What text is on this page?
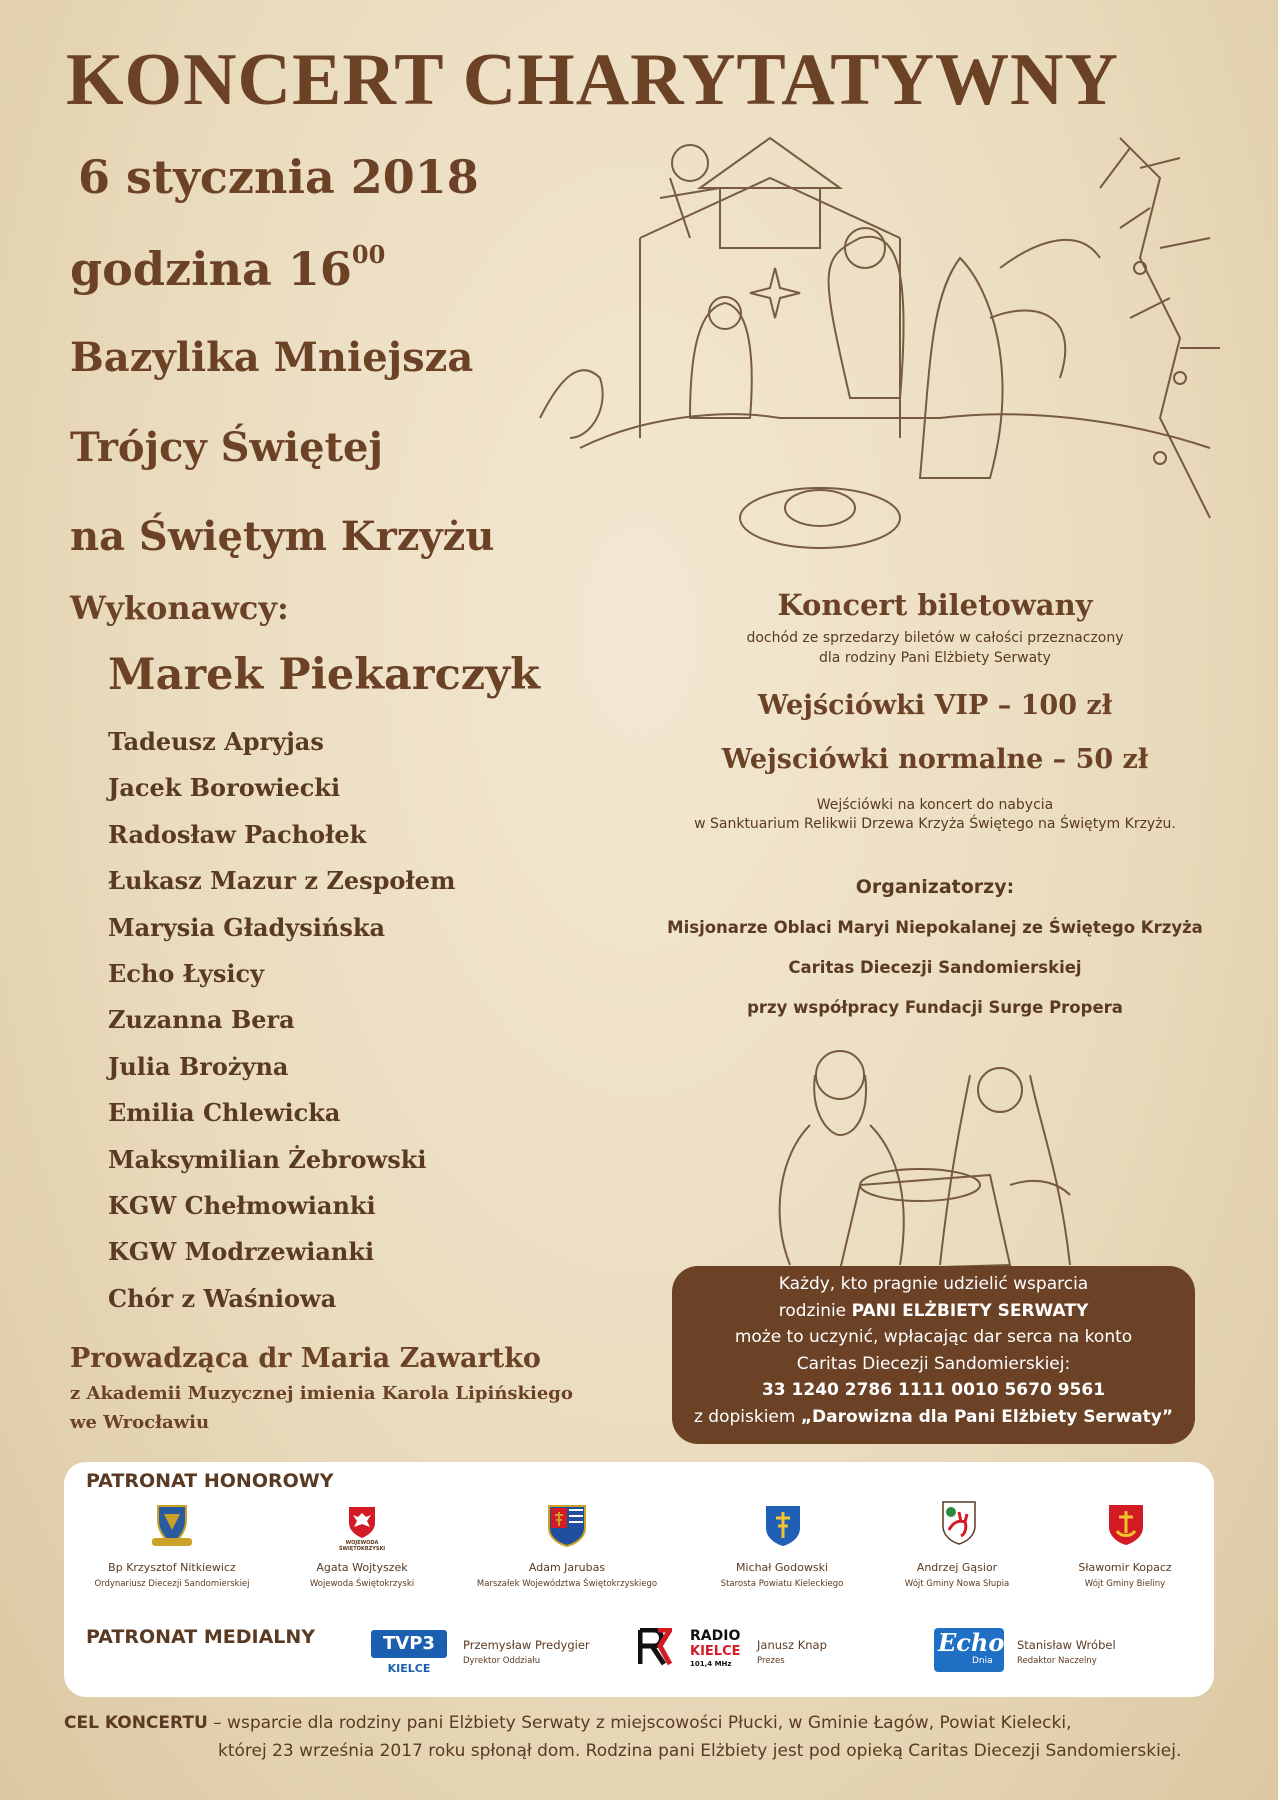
KONCERT CHARYTATYWNY
6 stycznia 2018
godzina $16^{00}$
Bazylika Mniejsza
Trójcy Świętej
na Świętym Krzyżu
Wykonawcy:
Marek Piekarczyk
Tadeusz Apryjas
Jacek Borowiecki
Radosław Pachołek
Łukasz Mazur z Zespołem
Marysia Gładysińska
Echo Łysicy
Zuzanna Bera
Julia Brożyna
Emilia Chlewicka
Maksymilian Żebrowski
KGW Chełmowianki
KGW Modrzewianki
Chór z Waśniowa
Prowadząca dr Maria Zawartko
z Akademii Muzycznej imienia Karola Lipińskiego
we Wrocławiu
Koncert biletowany
dochód ze sprzedarzy biletów w całości przeznaczony
dla rodziny Pani Elżbiety Serwaty
Wejściówki VIP – 100 zł
Wejsciówki normalne – 50 zł
Wejściówki na koncert do nabycia
w Sanktuarium Relikwii Drzewa Krzyża Świętego na Świętym Krzyżu.
Organizatorzy:
Misjonarze Oblaci Maryi Niepokalanej ze Świętego Krzyża
Caritas Diecezji Sandomierskiej
przy współpracy Fundacji Surge Propera
Każdy, kto pragnie udzielić wsparcia
rodzinie PANI ELŻBIETY SERWATY
może to uczynić, wpłacając dar serca na konto
Caritas Diecezji Sandomierskiej:
33 1240 2786 1111 0010 5670 9561
z dopiskiem „Darowizna dla Pani Elżbiety Serwaty”
PATRONAT HONOROWY
WOJEWODA ŚWIĘTOKRZYSKI
Bp Krzysztof Nitkiewicz
Ordynariusz Diecezji Sandomierskiej
Agata Wojtyszek
Wojewoda Świętokrzyski
Adam Jarubas
Marszałek Województwa Świętokrzyskiego
Michał Godowski
Starosta Powiatu Kieleckiego
Andrzej Gąsior
Wójt Gminy Nowa Słupia
Sławomir Kopacz
Wójt Gminy Bieliny
PATRONAT MEDIALNY	TVP3
KIELCE
Przemysław Predygier
Dyrektor Oddziału
RADIO
KIELCE
101,4 MHz
Janusz Knap
Prezes
Echo
Dnia
Stanisław Wróbel
Redaktor Naczelny
CEL KONCERTU – wsparcie dla rodziny pani Elżbiety Serwaty z miejscowości Płucki, w Gminie Łagów, Powiat Kielecki,
której 23 września 2017 roku spłonął dom. Rodzina pani Elżbiety jest pod opieką Caritas Diecezji Sandomierskiej.
